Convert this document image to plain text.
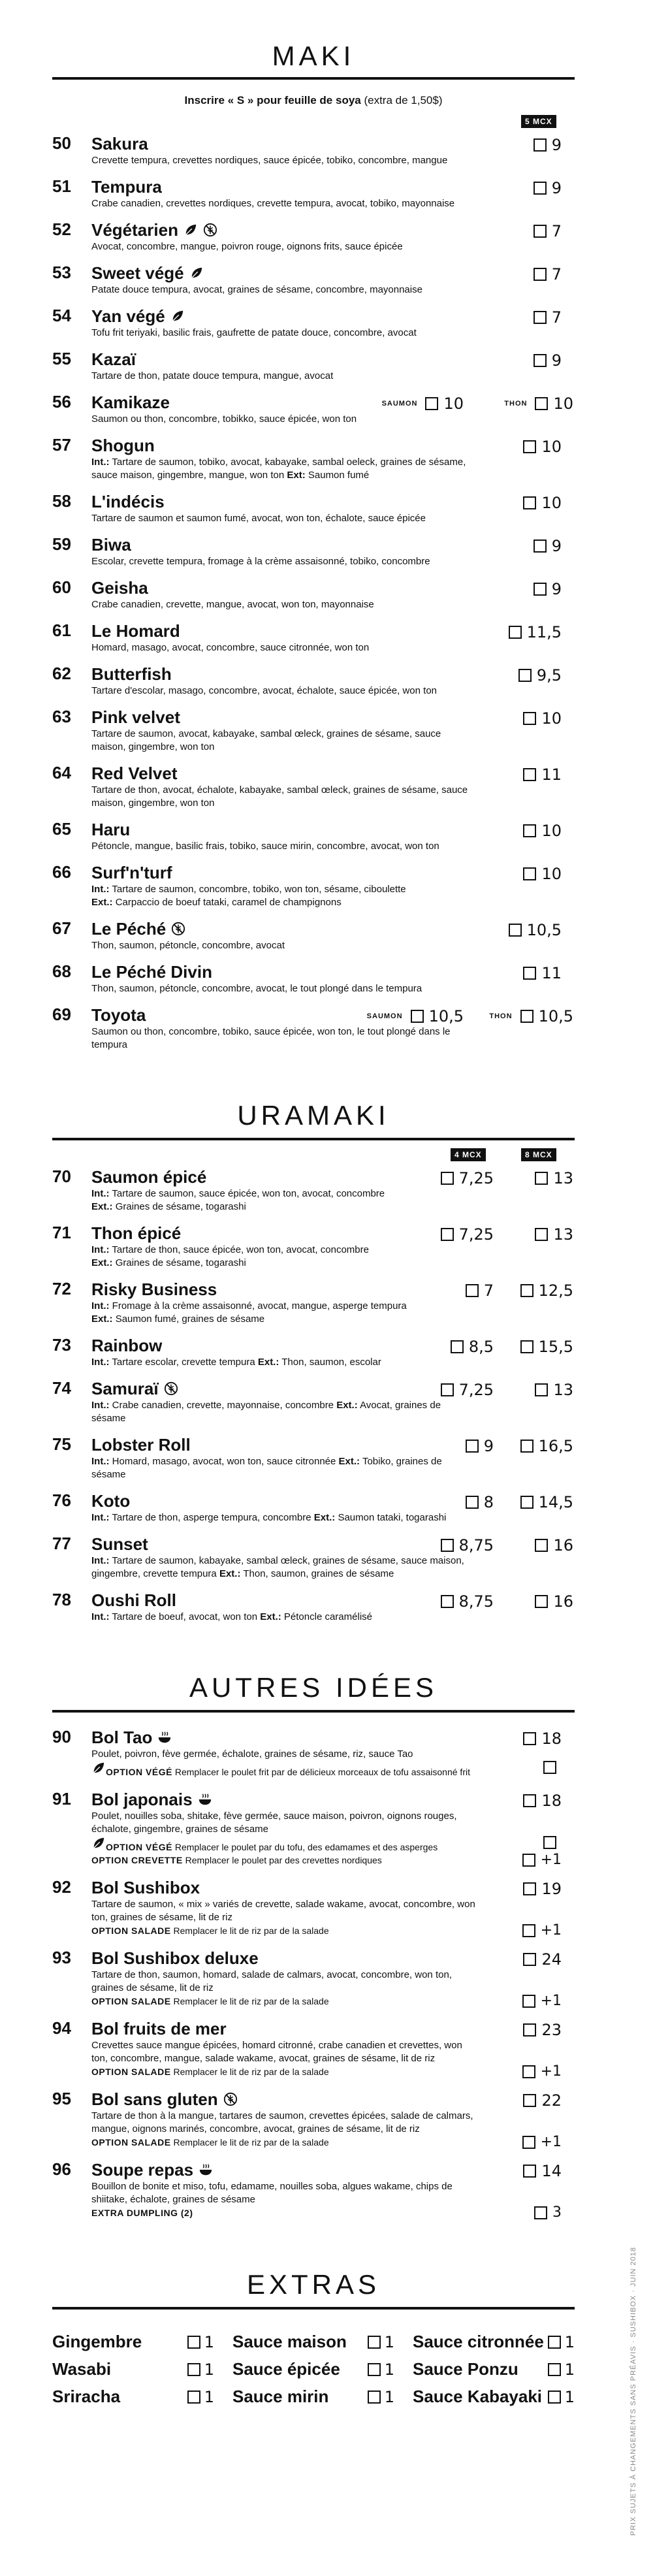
MAKI

Inscrire « S » pour feuille de soya (extra de 1,50$)

5 MCX
50	Sakura
Crevette tempura, crevettes nordiques, sauce épicée, tobiko, concombre, mangue
9
51	Tempura
Crabe canadien, crevettes nordiques, crevette tempura, avocat, tobiko, mayonnaise
9
52	Végétarien
Avocat, concombre, mangue, poivron rouge, oignons frits, sauce épicée
7
53	Sweet végé
Patate douce tempura, avocat, graines de sésame, concombre, mayonnaise
7
54	Yan végé
Tofu frit teriyaki, basilic frais, gaufrette de patate douce, concombre, avocat
7
55	Kazaï
Tartare de thon, patate douce tempura, mangue, avocat
9
56	Kamikaze
Saumon ou thon, concombre, tobikko, sauce épicée, won ton
SAUMON 10	THON 10
57	Shogun
Int.: Tartare de saumon, tobiko, avocat, kabayake, sambal oeleck, graines de sésame, sauce maison, gingembre, mangue, won ton Ext: Saumon fumé
10
58	L'indécis
Tartare de saumon et saumon fumé, avocat, won ton, échalote, sauce épicée
10
59	Biwa
Escolar, crevette tempura, fromage à la crème assaisonné, tobiko, concombre
9
60	Geisha
Crabe canadien, crevette, mangue, avocat, won ton, mayonnaise
9
61	Le Homard
Homard, masago, avocat, concombre, sauce citronnée, won ton
11,5
62	Butterfish
Tartare d'escolar, masago, concombre, avocat, échalote, sauce épicée, won ton
9,5
63	Pink velvet
Tartare de saumon, avocat, kabayake, sambal œleck, graines de sésame, sauce maison, gingembre, won ton
10
64	Red Velvet
Tartare de thon, avocat, échalote, kabayake, sambal œleck, graines de sésame, sauce maison, gingembre, won ton
11
65	Haru
Pétoncle, mangue, basilic frais, tobiko, sauce mirin, concombre, avocat, won ton
10
66	Surf'n'turf
Int.: Tartare de saumon, concombre, tobiko, won ton, sésame, ciboulette
Ext.: Carpaccio de boeuf tataki, caramel de champignons
10
67	Le Péché
Thon, saumon, pétoncle, concombre, avocat
10,5
68	Le Péché Divin
Thon, saumon, pétoncle, concombre, avocat, le tout plongé dans le tempura
11
69	Toyota
Saumon ou thon, concombre, tobiko, sauce épicée, won ton, le tout plongé dans le tempura
SAUMON 10,5	THON 10,5
URAMAKI
4 MCX	8 MCX
70	Saumon épicé
Int.: Tartare de saumon, sauce épicée, won ton, avocat, concombre
Ext.: Graines de sésame, togarashi
7,25	13
71	Thon épicé
Int.: Tartare de thon, sauce épicée, won ton, avocat, concombre
Ext.: Graines de sésame, togarashi
7,25	13
72	Risky Business
Int.: Fromage à la crème assaisonné, avocat, mangue, asperge tempura
Ext.: Saumon fumé, graines de sésame
7	12,5
73	Rainbow
Int.: Tartare escolar, crevette tempura Ext.: Thon, saumon, escolar
8,5	15,5
74	Samuraï
Int.: Crabe canadien, crevette, mayonnaise, concombre Ext.: Avocat, graines de sésame
7,25	13
75	Lobster Roll
Int.: Homard, masago, avocat, won ton, sauce citronnée Ext.: Tobiko, graines de sésame
9	16,5
76	Koto
Int.: Tartare de thon, asperge tempura, concombre Ext.: Saumon tataki, togarashi
8	14,5
77	Sunset
Int.: Tartare de saumon, kabayake, sambal œleck, graines de sésame, sauce maison, gingembre, crevette tempura Ext.: Thon, saumon, graines de sésame
8,75	16
78	Oushi Roll
Int.: Tartare de boeuf, avocat, won ton Ext.: Pétoncle caramélisé
8,75	16
AUTRES IDÉES
90	Bol Tao
Poulet, poivron, fève germée, échalote, graines de sésame, riz, sauce Tao
18
OPTION VÉGÉ Remplacer le poulet frit par de délicieux morceaux de tofu assaisonné frit
91	Bol japonais
Poulet, nouilles soba, shitake, fève germée, sauce maison, poivron, oignons rouges, échalote, gingembre, graines de sésame
18
OPTION VÉGÉ Remplacer le poulet par du tofu, des edamames et des asperges
OPTION CREVETTE Remplacer le poulet par des crevettes nordiques	+1
92	Bol Sushibox
Tartare de saumon, « mix » variés de crevette, salade wakame, avocat, concombre, won ton, graines de sésame, lit de riz
19
OPTION SALADE Remplacer le lit de riz par de la salade	+1
93	Bol Sushibox deluxe
Tartare de thon, saumon, homard, salade de calmars, avocat, concombre, won ton, graines de sésame, lit de riz
24
OPTION SALADE Remplacer le lit de riz par de la salade	+1
94	Bol fruits de mer
Crevettes sauce mangue épicées, homard citronné, crabe canadien et crevettes, won ton, concombre, mangue, salade wakame, avocat, graines de sésame, lit de riz
23
OPTION SALADE Remplacer le lit de riz par de la salade	+1
95	Bol sans gluten
Tartare de thon à la mangue, tartares de saumon, crevettes épicées, salade de calmars, mangue, oignons marinés, concombre, avocat, graines de sésame, lit de riz
22
OPTION SALADE Remplacer le lit de riz par de la salade	+1
96	Soupe repas
Bouillon de bonite et miso, tofu, edamame, nouilles soba, algues wakame, chips de shiitake, échalote, graines de sésame
14
EXTRA DUMPLING (2)	3
EXTRAS
Gingembre	1 Sauce maison 1 Sauce citronnée 1
Wasabi	1 Sauce épicée	1 Sauce Ponzu	1
Sriracha	1 Sauce mirin	1 Sauce Kabayaki 1	PRIX SUJETS À CHANGEMENTS SANS PRÉAVIS · SUSHIBOX · JUIN 2018
